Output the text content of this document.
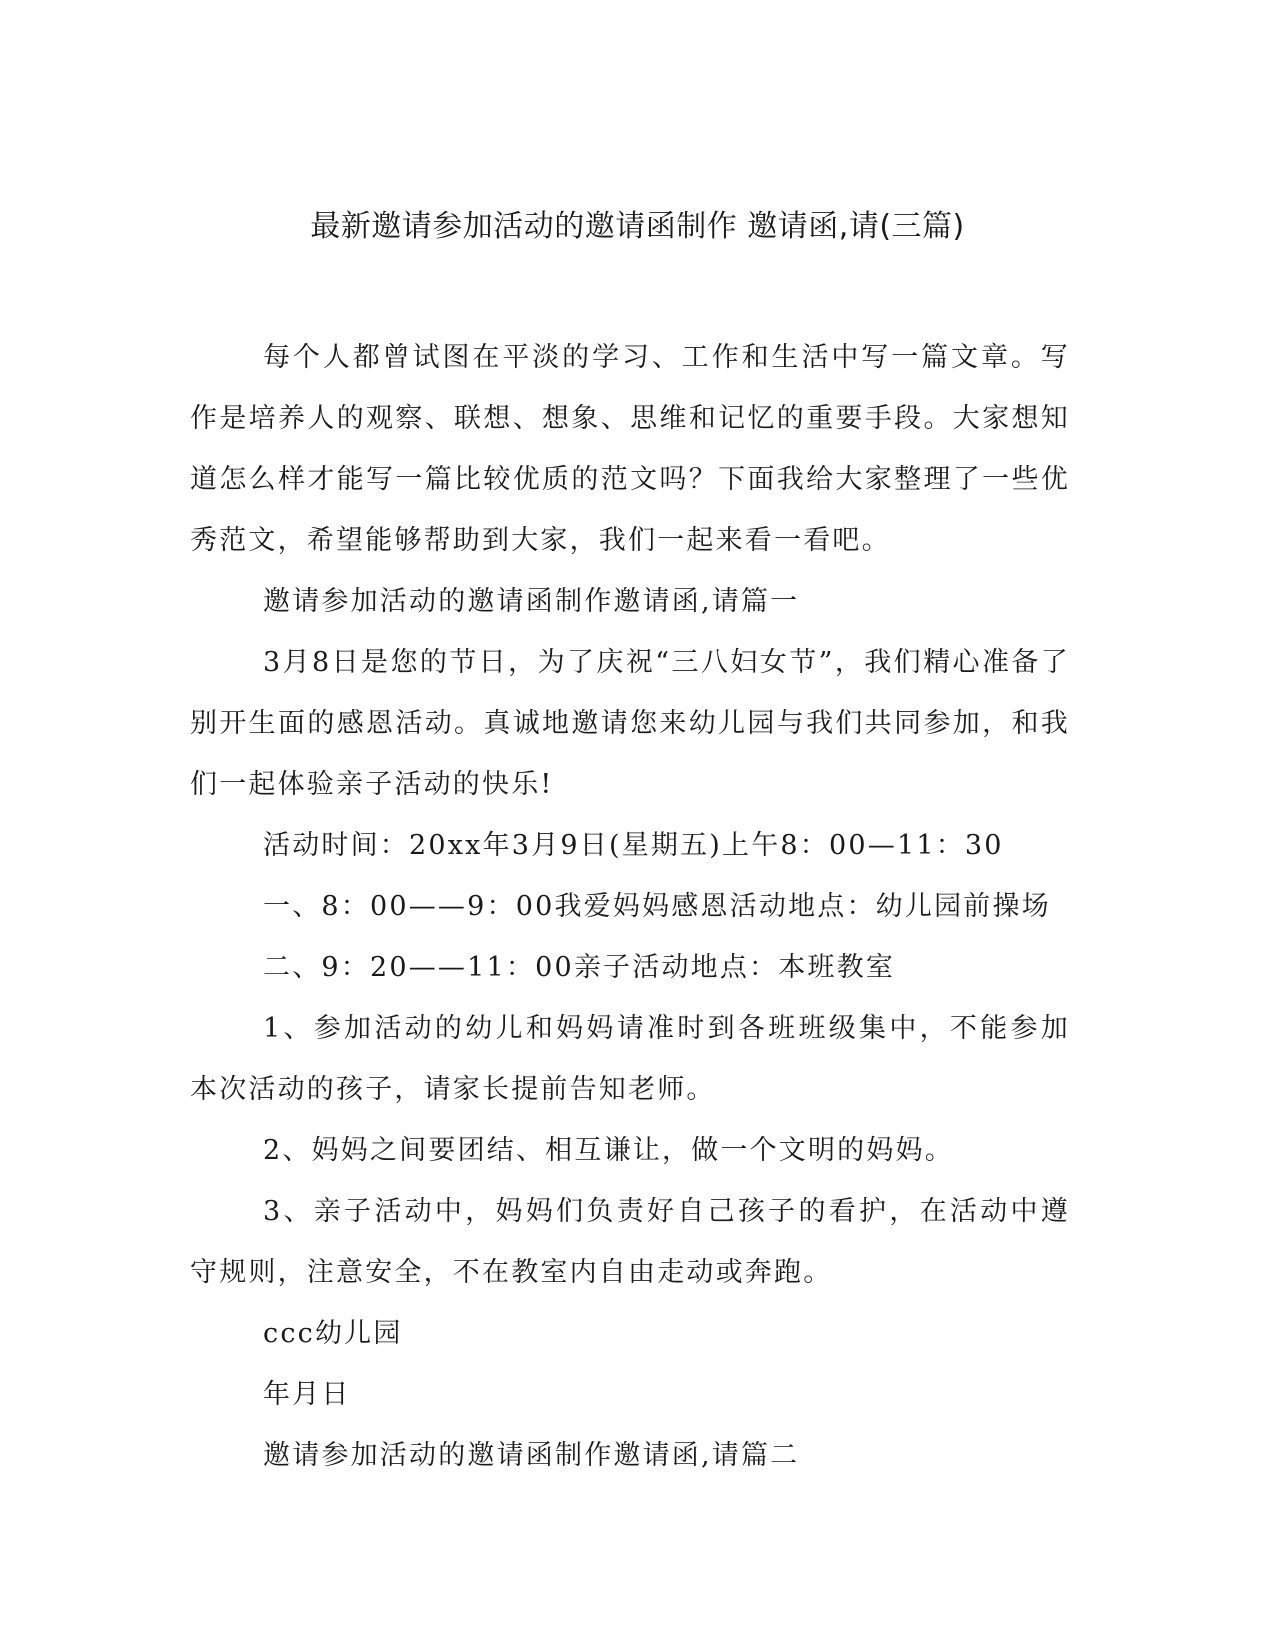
最新邀请参加活动的邀请函制作 邀请函,请(三篇)

每个人都曾试图在平淡的学习、工作和生活中写一篇文章。写作是培养人的观察、联想、想象、思维和记忆的重要手段。大家想知道怎么样才能写一篇比较优质的范文吗？下面我给大家整理了一些优秀范文，希望能够帮助到大家，我们一起来看一看吧。

邀请参加活动的邀请函制作邀请函,请篇一

3月8日是您的节日，为了庆祝“三八妇女节”，我们精心准备了别开生面的感恩活动。真诚地邀请您来幼儿园与我们共同参加，和我们一起体验亲子活动的快乐!

活动时间：20xx年3月9日(星期五)上午8：00—11：30

一、8：00——9：00我爱妈妈感恩活动地点：幼儿园前操场

二、9：20——11：00亲子活动地点：本班教室

1、参加活动的幼儿和妈妈请准时到各班班级集中，不能参加本次活动的孩子，请家长提前告知老师。

2、妈妈之间要团结、相互谦让，做一个文明的妈妈。

3、亲子活动中，妈妈们负责好自己孩子的看护，在活动中遵守规则，注意安全，不在教室内自由走动或奔跑。

ccc幼儿园

年月日

邀请参加活动的邀请函制作邀请函,请篇二
